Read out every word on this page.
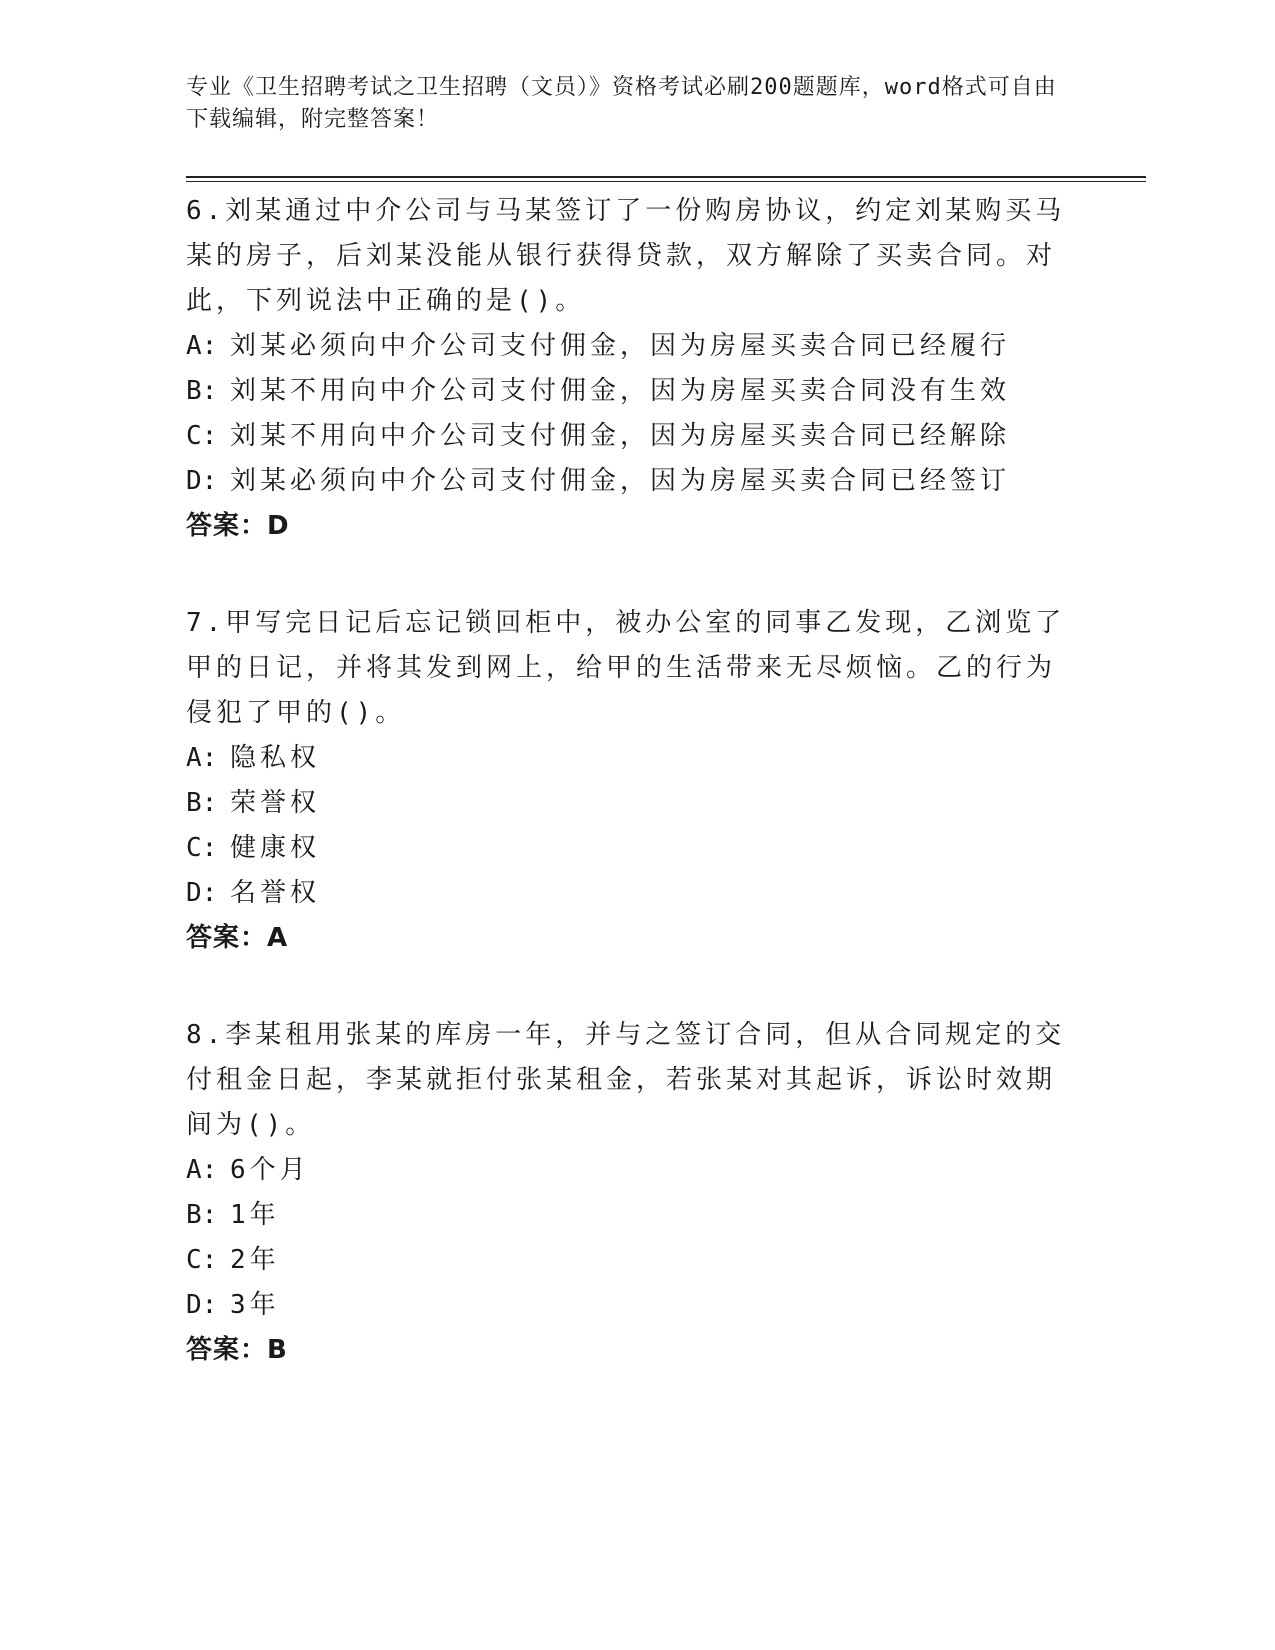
专业《卫生招聘考试之卫生招聘（文员）》资格考试必刷200题题库，word格式可自由下载编辑，附完整答案！

6.刘某通过中介公司与马某签订了一份购房协议，约定刘某购买马某的房子，后刘某没能从银行获得贷款，双方解除了买卖合同。对此，下列说法中正确的是()。

A: 刘某必须向中介公司支付佣金，因为房屋买卖合同已经履行
B: 刘某不用向中介公司支付佣金，因为房屋买卖合同没有生效
C: 刘某不用向中介公司支付佣金，因为房屋买卖合同已经解除
D: 刘某必须向中介公司支付佣金，因为房屋买卖合同已经签订
答案：D

7.甲写完日记后忘记锁回柜中，被办公室的同事乙发现，乙浏览了甲的日记，并将其发到网上，给甲的生活带来无尽烦恼。乙的行为侵犯了甲的()。

A: 隐私权
B: 荣誉权
C: 健康权
D: 名誉权
答案：A

8.李某租用张某的库房一年，并与之签订合同，但从合同规定的交付租金日起，李某就拒付张某租金，若张某对其起诉，诉讼时效期间为()。

A: 6个月
B: 1年
C: 2年
D: 3年
答案：B
